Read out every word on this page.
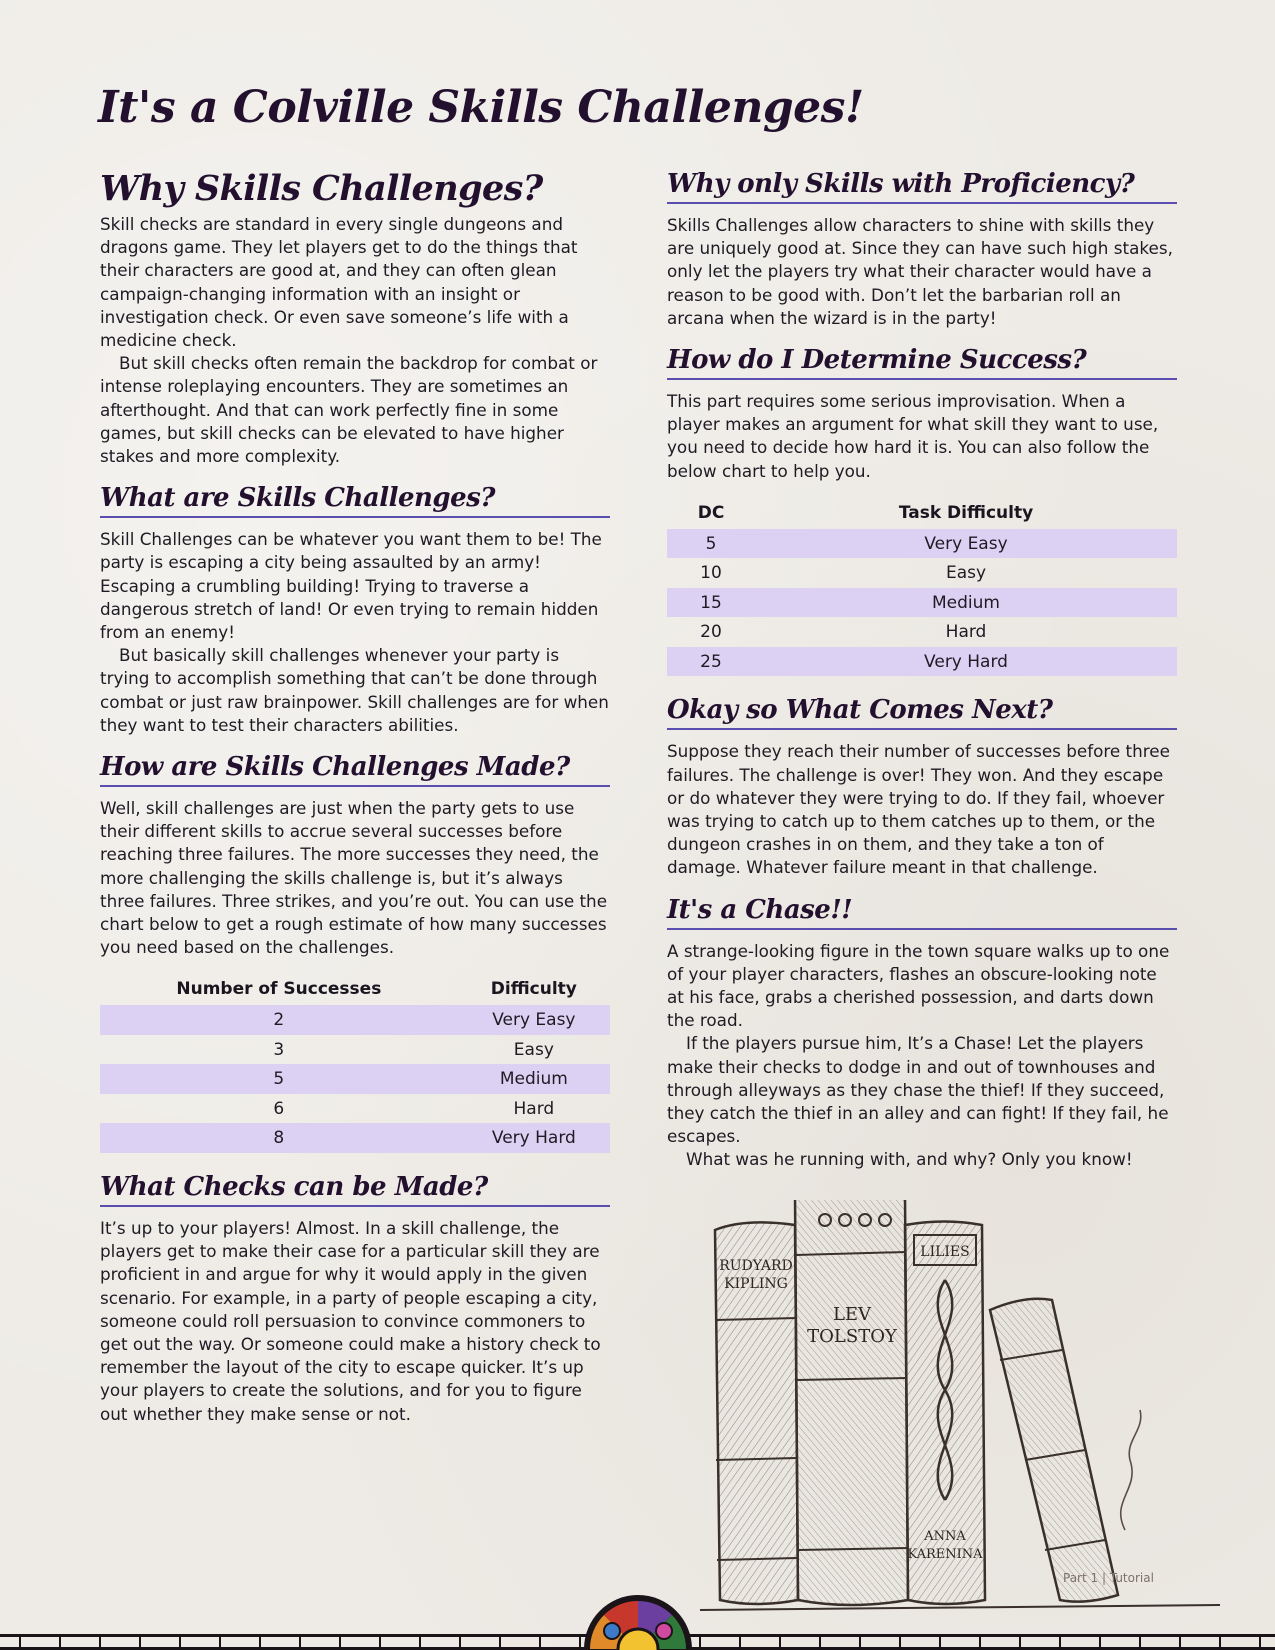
It's a Colville Skills Challenges!
Why Skills Challenges?

Skill checks are standard in every single dungeons and dragons game. They let players get to do the things that their characters are good at, and they can often glean campaign-changing information with an insight or investigation check. Or even save someone’s life with a medicine check.

But skill checks often remain the backdrop for combat or intense roleplaying encounters. They are sometimes an afterthought. And that can work perfectly fine in some games, but skill checks can be elevated to have higher stakes and more complexity.

What are Skills Challenges?

Skill Challenges can be whatever you want them to be! The party is escaping a city being assaulted by an army! Escaping a crumbling building! Trying to traverse a dangerous stretch of land! Or even trying to remain hidden from an enemy!

But basically skill challenges whenever your party is trying to accomplish something that can’t be done through combat or just raw brainpower. Skill challenges are for when they want to test their characters abilities.

How are Skills Challenges Made?

Well, skill challenges are just when the party gets to use their different skills to accrue several successes before reaching three failures. The more successes they need, the more challenging the skills challenge is, but it’s always three failures. Three strikes, and you’re out. You can use the chart below to get a rough estimate of how many successes you need based on the challenges.

Number of Successes	Difficulty
2	Very Easy
3	Easy
5	Medium
6	Hard
8	Very Hard
What Checks can be Made?

It’s up to your players! Almost. In a skill challenge, the players get to make their case for a particular skill they are proficient in and argue for why it would apply in the given scenario. For example, in a party of people escaping a city, someone could roll persuasion to convince commoners to get out the way. Or someone could make a history check to remember the layout of the city to escape quicker. It’s up your players to create the solutions, and for you to figure out whether they make sense or not.

Why only Skills with Proficiency?

Skills Challenges allow characters to shine with skills they are uniquely good at. Since they can have such high stakes, only let the players try what their character would have a reason to be good with. Don’t let the barbarian roll an arcana when the wizard is in the party!

How do I Determine Success?

This part requires some serious improvisation. When a player makes an argument for what skill they want to use, you need to decide how hard it is. You can also follow the below chart to help you.

DC	Task Difficulty
5	Very Easy
10	Easy
15	Medium
20	Hard
25	Very Hard
Okay so What Comes Next?

Suppose they reach their number of successes before three failures. The challenge is over! They won. And they escape or do whatever they were trying to do. If they fail, whoever was trying to catch up to them catches up to them, or the dungeon crashes in on them, and they take a ton of damage. Whatever failure meant in that challenge.

It's a Chase!!

A strange-looking figure in the town square walks up to one of your player characters, flashes an obscure-looking note at his face, grabs a cherished possession, and darts down the road.

If the players pursue him, It’s a Chase! Let the players make their checks to dodge in and out of townhouses and through alleyways as they chase the thief! If they succeed, they catch the thief in an alley and can fight! If they fail, he escapes.

What was he running with, and why? Only you know!

RUDYARD
KIPLING
LEV
TOLSTOY
LILIES
ANNA
KARENINA
Part 1 | Tutorial
